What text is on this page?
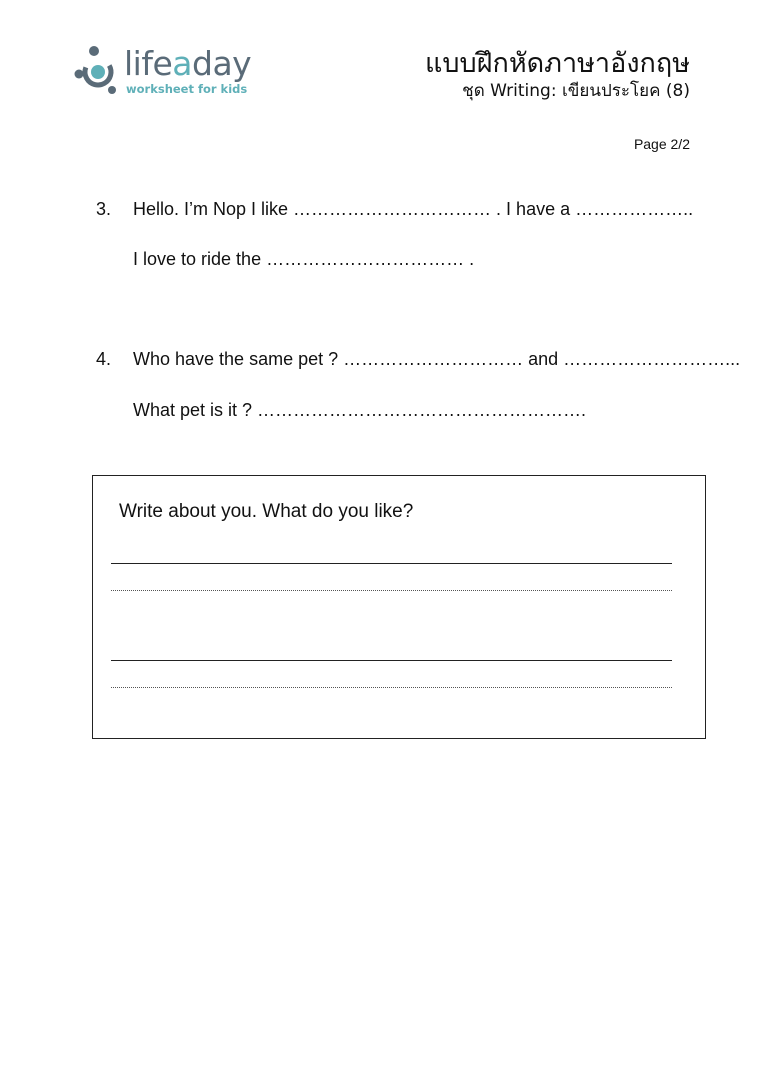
lifeaday
worksheet for kids
แบบฝึกหัดภาษาอังกฤษ
ชุด Writing: เขียนประโยค (8)
Page 2/2
3. Hello. I’m Nop I like …………………………… . I have a ………………..
I love to ride the …………………………… .
4. Who have the same pet ? ………………………… and ………………………...
What pet is it ? ……………………………………………….
Write about you. What do you like?
